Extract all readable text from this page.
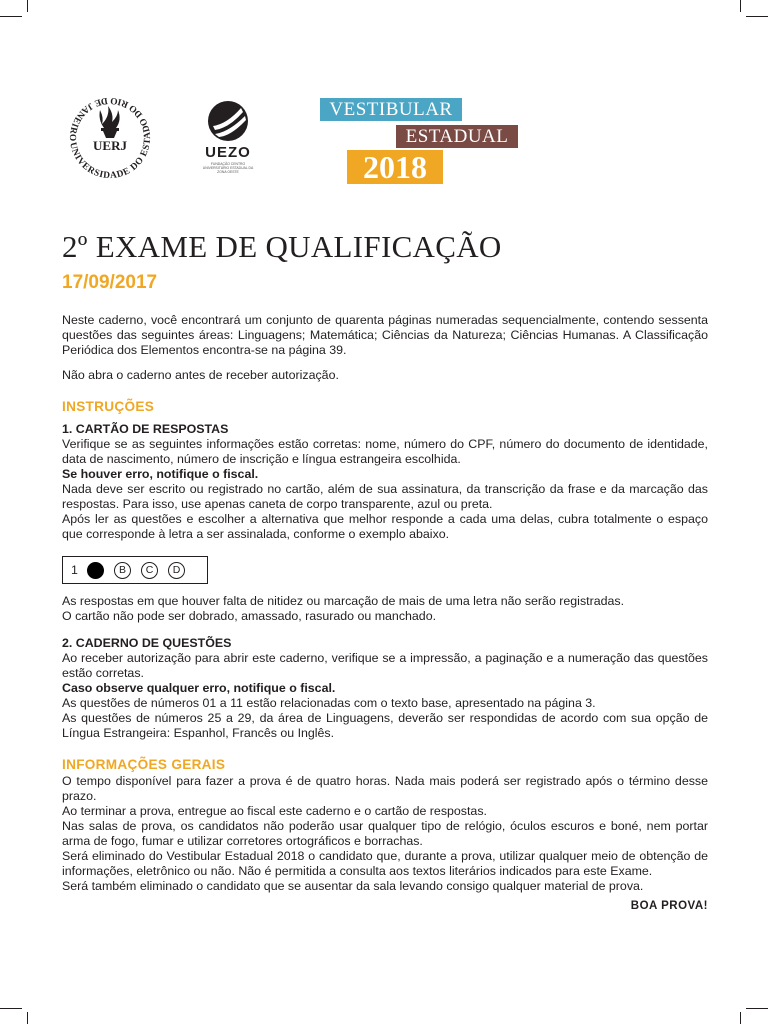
UNIVERSIDADE DO ESTADO DO RIO DE JANEIRO
UERJ	UEZO
FUNDAÇÃO CENTRO UNIVERSITÁRIO ESTADUAL DA ZONA OESTE
VESTIBULAR
ESTADUAL
2018
2º EXAME DE QUALIFICAÇÃO
17/09/2017

Neste caderno, você encontrará um conjunto de quarenta páginas numeradas sequencialmente, contendo sessenta questões das seguintes áreas: Linguagens; Matemática; Ciências da Natureza; Ciências Humanas. A Classificação Periódica dos Elementos encontra-se na página 39.

Não abra o caderno antes de receber autorização.

INSTRUÇÕES
1. CARTÃO DE RESPOSTAS

Verifique se as seguintes informações estão corretas: nome, número do CPF, número do documento de identidade, data de nascimento, número de inscrição e língua estrangeira escolhida.

Se houver erro, notifique o fiscal.

Nada deve ser escrito ou registrado no cartão, além de sua assinatura, da transcrição da frase e da marcação das respostas. Para isso, use apenas caneta de corpo transparente, azul ou preta.

Após ler as questões e escolher a alternativa que melhor responde a cada uma delas, cubra totalmente o espaço que corresponde à letra a ser assinalada, conforme o exemplo abaixo.

1	B	C	D

As respostas em que houver falta de nitidez ou marcação de mais de uma letra não serão registradas.

O cartão não pode ser dobrado, amassado, rasurado ou manchado.

2. CADERNO DE QUESTÕES

Ao receber autorização para abrir este caderno, verifique se a impressão, a paginação e a numeração das questões estão corretas.

Caso observe qualquer erro, notifique o fiscal.

As questões de números 01 a 11 estão relacionadas com o texto base, apresentado na página 3.

As questões de números 25 a 29, da área de Linguagens, deverão ser respondidas de acordo com sua opção de Língua Estrangeira: Espanhol, Francês ou Inglês.

INFORMAÇÕES GERAIS

O tempo disponível para fazer a prova é de quatro horas. Nada mais poderá ser registrado após o término desse prazo.

Ao terminar a prova, entregue ao fiscal este caderno e o cartão de respostas.

Nas salas de prova, os candidatos não poderão usar qualquer tipo de relógio, óculos escuros e boné, nem portar arma de fogo, fumar e utilizar corretores ortográficos e borrachas.

Será eliminado do Vestibular Estadual 2018 o candidato que, durante a prova, utilizar qualquer meio de obtenção de informações, eletrônico ou não. Não é permitida a consulta aos textos literários indicados para este Exame.

Será também eliminado o candidato que se ausentar da sala levando consigo qualquer material de prova.

BOA PROVA!
